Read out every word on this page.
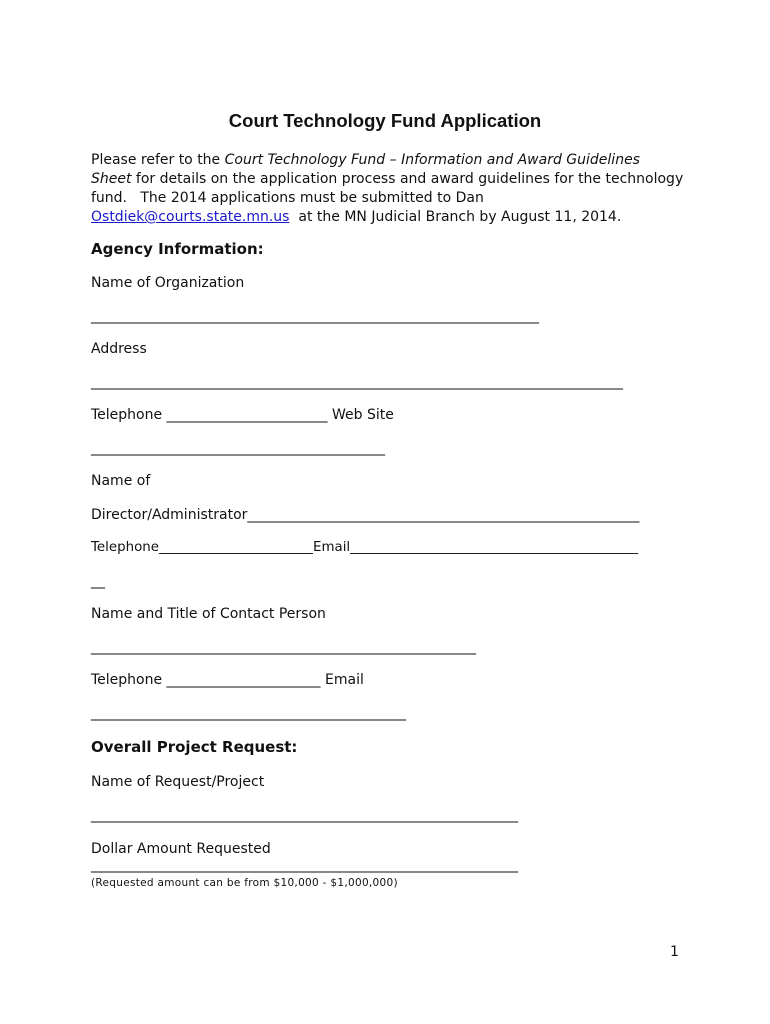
Court Technology Fund Application
Please refer to the Court Technology Fund – Information and Award Guidelines
Sheet for details on the application process and award guidelines for the technology
fund.   The 2014 applications must be submitted to Dan
Ostdiek@courts.state.mn.us  at the MN Judicial Branch by August 11, 2014.
Agency Information:
Name of Organization
________________________________________________________________
Address
____________________________________________________________________________
Telephone _______________________ Web Site
__________________________________________
Name of
Director/Administrator________________________________________________________
Telephone_______________________Email___________________________________________
__
Name and Title of Contact Person
_______________________________________________________
Telephone ______________________ Email
_____________________________________________
Overall Project Request:
Name of Request/Project
_____________________________________________________________
Dollar Amount Requested
_____________________________________________________________
(Requested amount can be from $10,000 - $1,000,000)
1
